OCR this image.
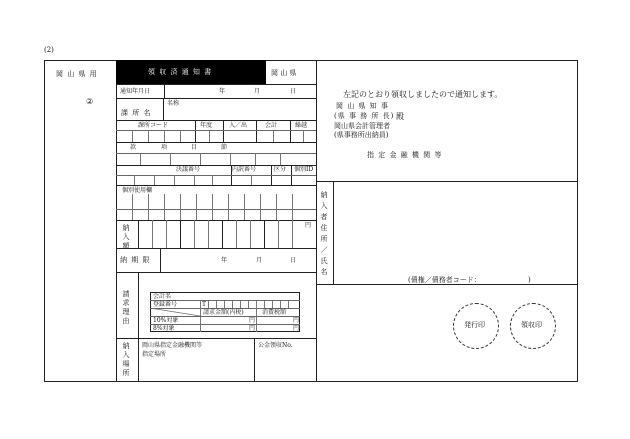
(2)
岡 山 県 用
②
領 収 済 通 知 書	岡 山 県
通知年月日	年	月	日
課 所 名
名称
課所コード	年度	入／出	会計	繰越
款	項	目	節
決議番号	内訳番号	区分 個別ID
個別使用欄
納入額
円
納 期 限	年	月	日
請求理由
会計名
登録番号	T
請求金額(内税)	消費税額
10%対象	円	円
8%対象	円	円
納入場所
岡山県指定金融機関等
指定場所
公金領収No.
左記のとおり領収しましたので通知します。
岡 山 県 知 事
(県 事 務 所 長) 殿
岡山県会計管理者
(県事務所出納員)
指 定 金 融 機 関 等
納入者住所／氏名
(債権／債務者コード：	)
発行印	領収印
